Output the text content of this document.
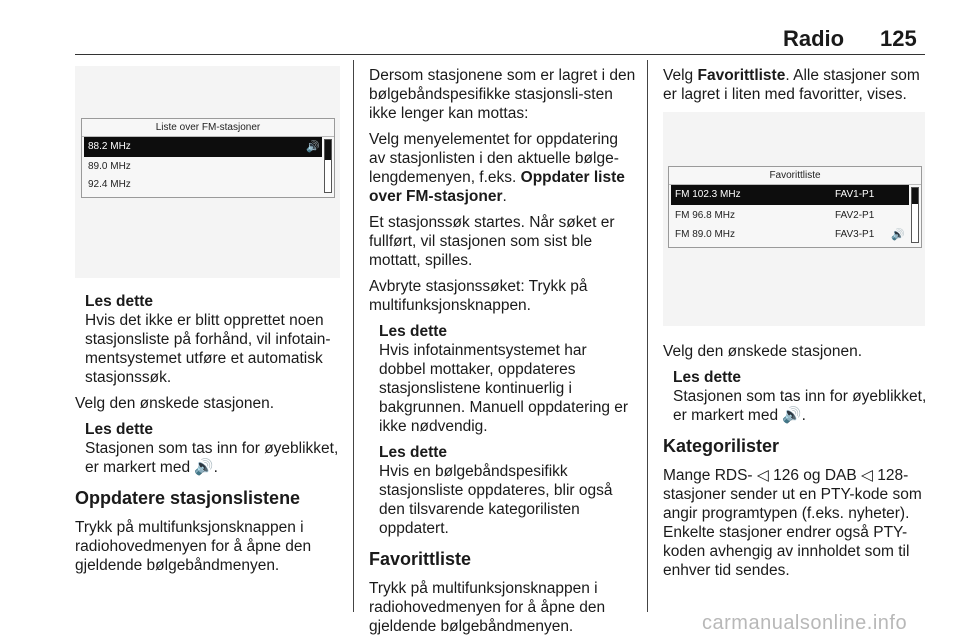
Radio 125
Liste over FM-stasjoner
88.2 MHz	🔊
89.0 MHz
92.4 MHz
Les dette
Hvis det ikke er blitt opprettet noen stasjonsliste på forhånd, vil infotain-mentsystemet utføre et automatisk stasjonssøk.

Velg den ønskede stasjonen.

Les dette
Stasjonen som tas inn for øyeblikket, er markert med 🔊.
Oppdatere stasjonslistene

Trykk på multifunksjonsknappen i radiohovedmenyen for å åpne den gjeldende bølgebåndmenyen.

Dersom stasjonene som er lagret i den bølgebåndspesifikke stasjonsli-sten ikke lenger kan mottas:

Velg menyelementet for oppdatering av stasjonlisten i den aktuelle bølge-lengdemenyen, f.eks. Oppdater liste over FM-stasjoner.

Et stasjonssøk startes. Når søket er fullført, vil stasjonen som sist ble mottatt, spilles.

Avbryte stasjonssøket: Trykk på multifunksjonsknappen.

Les dette
Hvis infotainmentsystemet har dobbel mottaker, oppdateres stasjonslistene kontinuerlig i bakgrunnen. Manuell oppdatering er ikke nødvendig.
Les dette
Hvis en bølgebåndspesifikk stasjonsliste oppdateres, blir også den tilsvarende kategorilisten oppdatert.
Favorittliste

Trykk på multifunksjonsknappen i radiohovedmenyen for å åpne den gjeldende bølgebåndmenyen.

Velg Favorittliste. Alle stasjoner som er lagret i liten med favoritter, vises.

Favorittliste
FM 102.3 MHz	FAV1-P1
FM 96.8 MHz	FAV2-P1
FM 89.0 MHz	FAV3-P1 🔊

Velg den ønskede stasjonen.

Les dette
Stasjonen som tas inn for øyeblikket, er markert med 🔊.
Kategorilister

Mange RDS- ◁ 126 og DAB ◁ 128-stasjoner sender ut en PTY-kode som angir programtypen (f.eks. nyheter). Enkelte stasjoner endrer også PTY-koden avhengig av innholdet som til enhver tid sendes.

carmanualsonline.info
